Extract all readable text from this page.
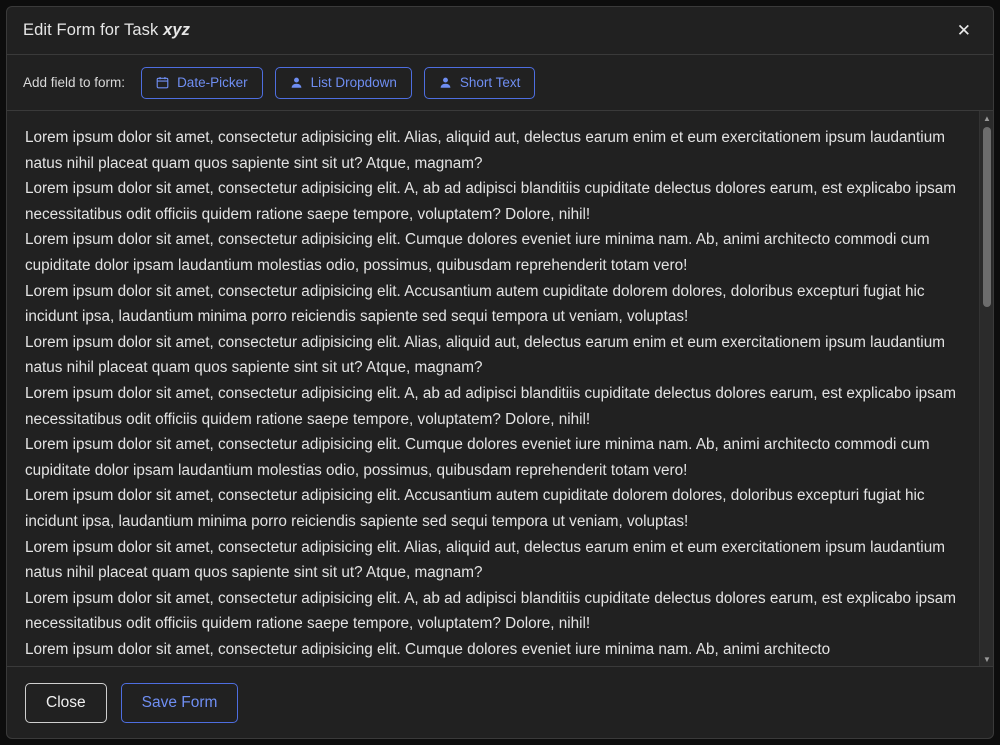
Edit Form for Task xyz	✕
Add field to form:	Date-Picker	List Dropdown	Short Text

Lorem ipsum dolor sit amet, consectetur adipisicing elit. Alias, aliquid aut, delectus earum enim et eum exercitationem ipsum laudantium natus nihil placeat quam quos sapiente sint sit ut? Atque, magnam?

Lorem ipsum dolor sit amet, consectetur adipisicing elit. A, ab ad adipisci blanditiis cupiditate delectus dolores earum, est explicabo ipsam necessitatibus odit officiis quidem ratione saepe tempore, voluptatem? Dolore, nihil!

Lorem ipsum dolor sit amet, consectetur adipisicing elit. Cumque dolores eveniet iure minima nam. Ab, animi architecto commodi cum cupiditate dolor ipsam laudantium molestias odio, possimus, quibusdam reprehenderit totam vero!

Lorem ipsum dolor sit amet, consectetur adipisicing elit. Accusantium autem cupiditate dolorem dolores, doloribus excepturi fugiat hic incidunt ipsa, laudantium minima porro reiciendis sapiente sed sequi tempora ut veniam, voluptas!

Lorem ipsum dolor sit amet, consectetur adipisicing elit. Alias, aliquid aut, delectus earum enim et eum exercitationem ipsum laudantium natus nihil placeat quam quos sapiente sint sit ut? Atque, magnam?

Lorem ipsum dolor sit amet, consectetur adipisicing elit. A, ab ad adipisci blanditiis cupiditate delectus dolores earum, est explicabo ipsam necessitatibus odit officiis quidem ratione saepe tempore, voluptatem? Dolore, nihil!

Lorem ipsum dolor sit amet, consectetur adipisicing elit. Cumque dolores eveniet iure minima nam. Ab, animi architecto commodi cum cupiditate dolor ipsam laudantium molestias odio, possimus, quibusdam reprehenderit totam vero!

Lorem ipsum dolor sit amet, consectetur adipisicing elit. Accusantium autem cupiditate dolorem dolores, doloribus excepturi fugiat hic incidunt ipsa, laudantium minima porro reiciendis sapiente sed sequi tempora ut veniam, voluptas!

Lorem ipsum dolor sit amet, consectetur adipisicing elit. Alias, aliquid aut, delectus earum enim et eum exercitationem ipsum laudantium natus nihil placeat quam quos sapiente sint sit ut? Atque, magnam?

Lorem ipsum dolor sit amet, consectetur adipisicing elit. A, ab ad adipisci blanditiis cupiditate delectus dolores earum, est explicabo ipsam necessitatibus odit officiis quidem ratione saepe tempore, voluptatem? Dolore, nihil!

Lorem ipsum dolor sit amet, consectetur adipisicing elit. Cumque dolores eveniet iure minima nam. Ab, animi architecto

▲
▼
Close	Save Form
